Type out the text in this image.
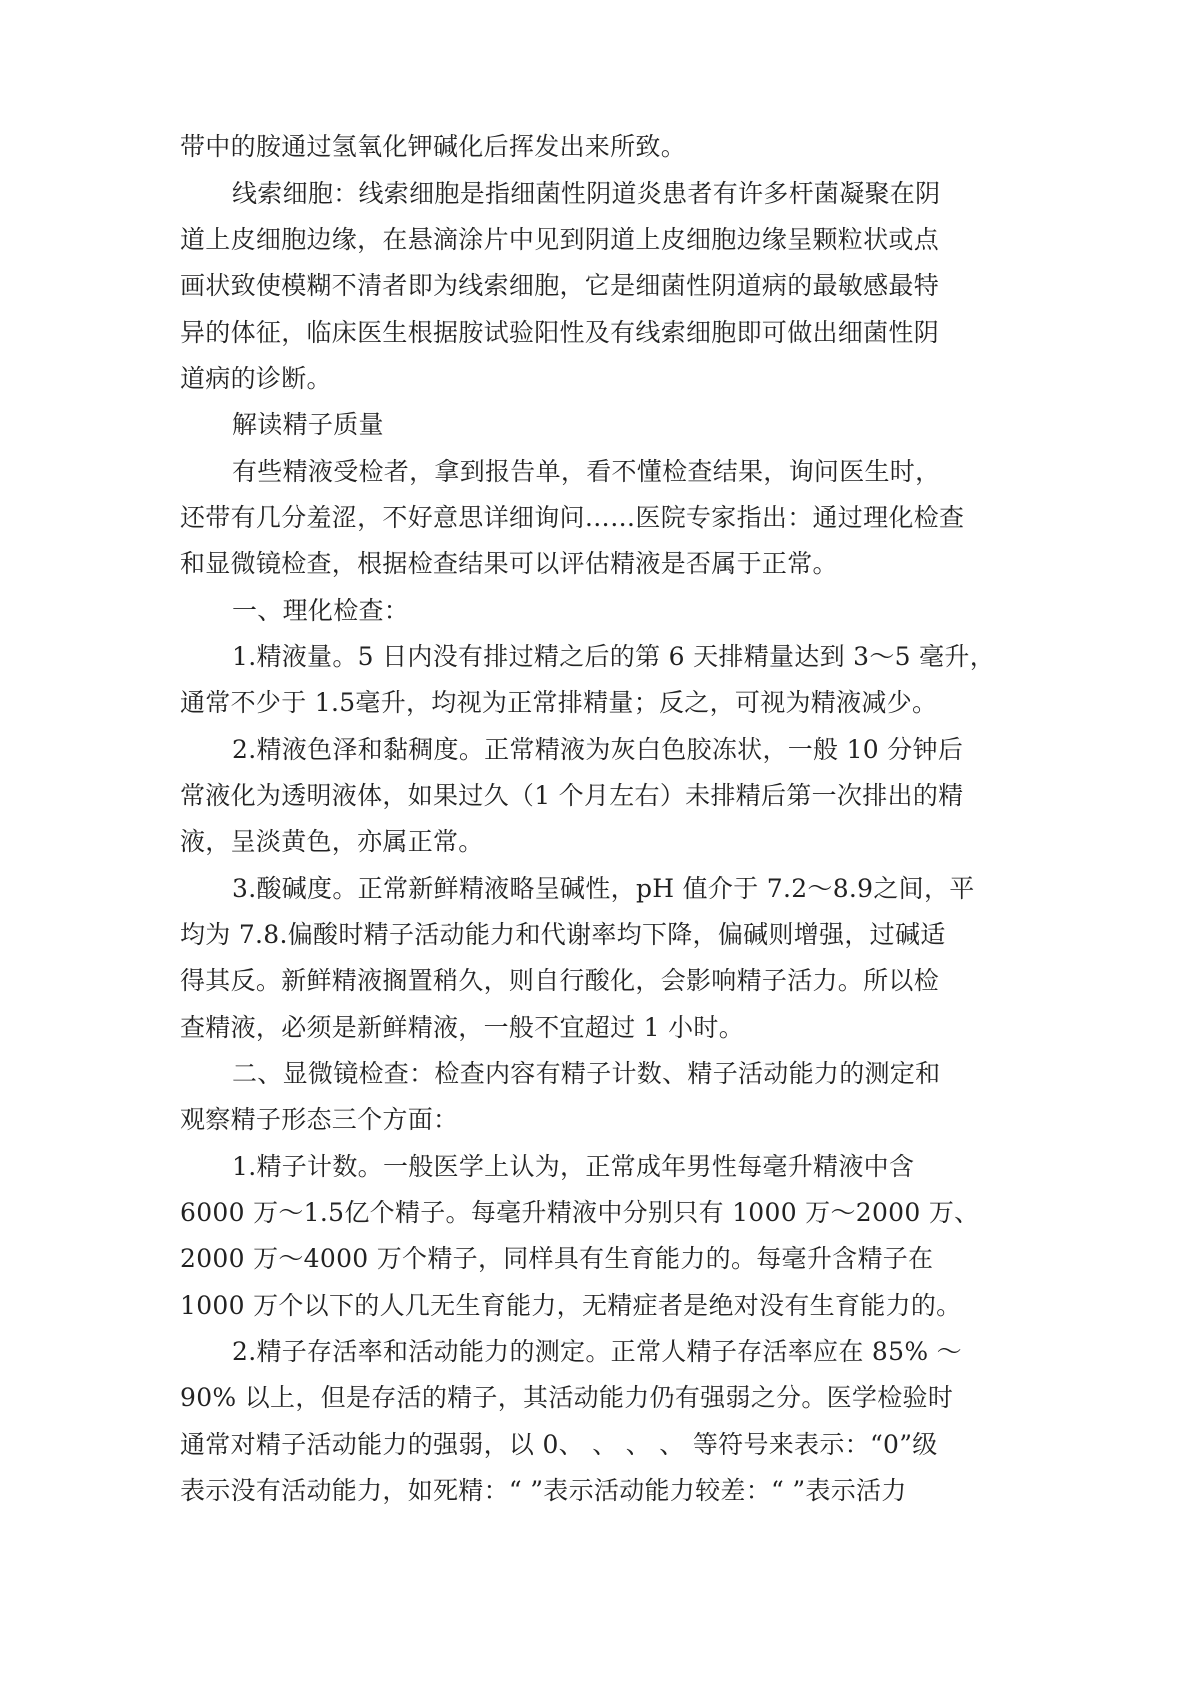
带中的胺通过氢氧化钾碱化后挥发出来所致。
线索细胞：线索细胞是指细菌性阴道炎患者有许多杆菌凝聚在阴
道上皮细胞边缘，在悬滴涂片中见到阴道上皮细胞边缘呈颗粒状或点
画状致使模糊不清者即为线索细胞，它是细菌性阴道病的最敏感最特
异的体征，临床医生根据胺试验阳性及有线索细胞即可做出细菌性阴
道病的诊断。
解读精子质量
有些精液受检者，拿到报告单，看不懂检查结果，询问医生时，
还带有几分羞涩，不好意思详细询问……医院专家指出：通过理化检查
和显微镜检查，根据检查结果可以评估精液是否属于正常。
一、理化检查：
1.精液量。5 日内没有排过精之后的第 6 天排精量达到 3～5 毫升，
通常不少于 1.5毫升，均视为正常排精量；反之，可视为精液减少。
2.精液色泽和黏稠度。正常精液为灰白色胶冻状，一般 10 分钟后
常液化为透明液体，如果过久（1 个月左右）未排精后第一次排出的精
液，呈淡黄色，亦属正常。
3.酸碱度。正常新鲜精液略呈碱性，pH 值介于 7.2～8.9之间，平
均为 7.8.偏酸时精子活动能力和代谢率均下降，偏碱则增强，过碱适
得其反。新鲜精液搁置稍久，则自行酸化，会影响精子活力。所以检
查精液，必须是新鲜精液，一般不宜超过 1 小时。
二、显微镜检查：检查内容有精子计数、精子活动能力的测定和
观察精子形态三个方面：
1.精子计数。一般医学上认为，正常成年男性每毫升精液中含
6000 万～1.5亿个精子。每毫升精液中分别只有 1000 万～2000 万、
2000 万～4000 万个精子，同样具有生育能力的。每毫升含精子在
1000 万个以下的人几无生育能力，无精症者是绝对没有生育能力的。
2.精子存活率和活动能力的测定。正常人精子存活率应在 85% ～
90% 以上，但是存活的精子，其活动能力仍有强弱之分。医学检验时
通常对精子活动能力的强弱，以 0、 、 、 、 等符号来表示：“0”级
表示没有活动能力，如死精：“ ”表示活动能力较差：“ ”表示活力
